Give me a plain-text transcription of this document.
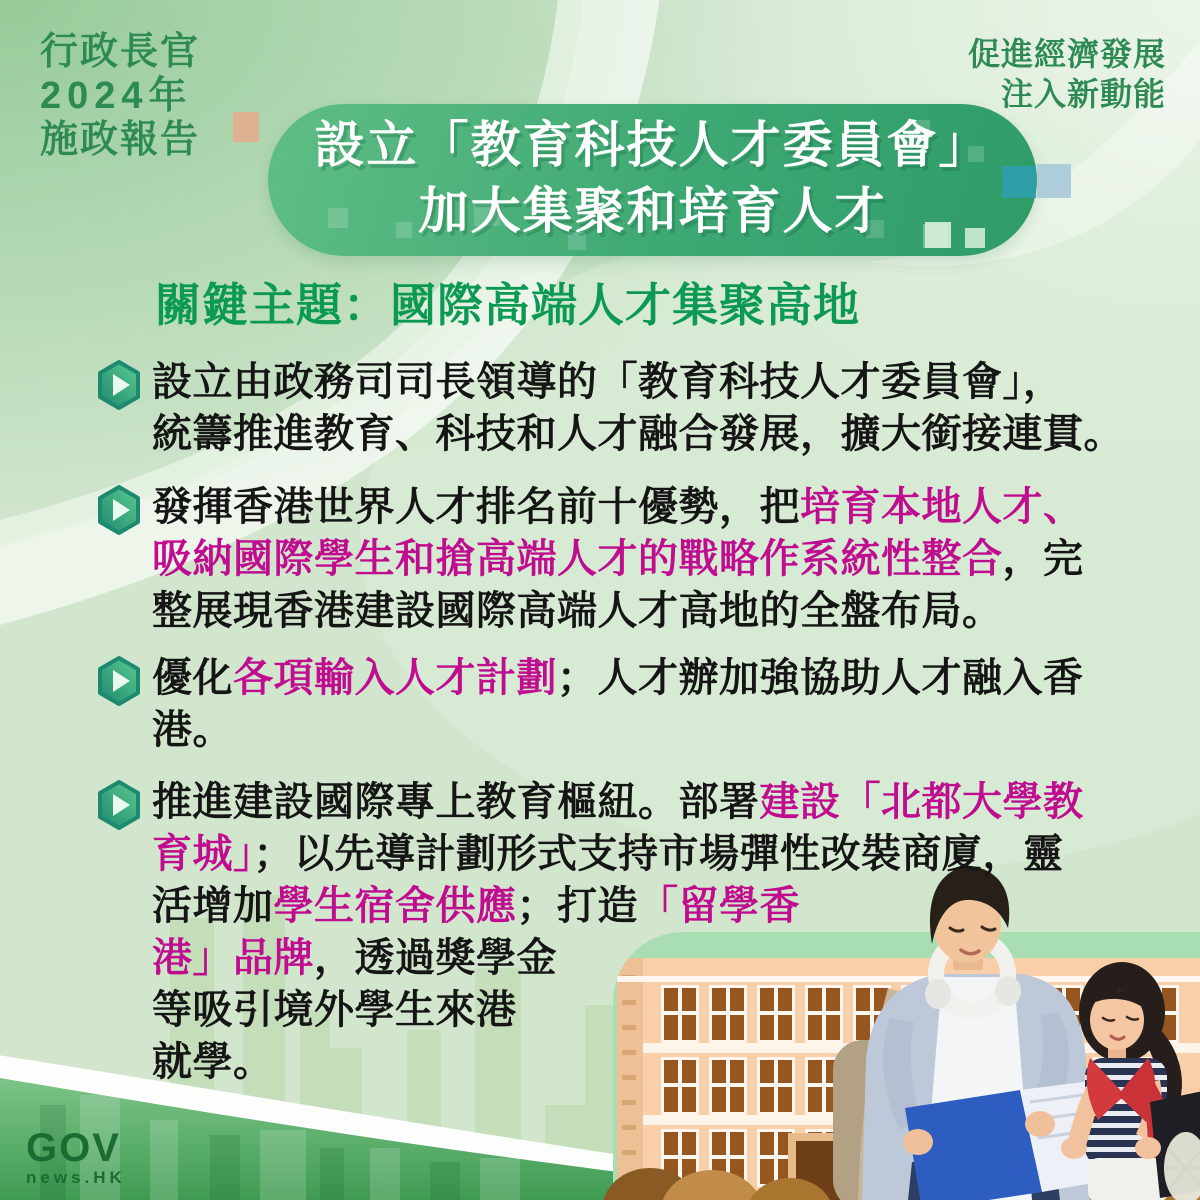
行政長官
2024年
施政報告
促進經濟發展
注入新動能
設立「教育科技人才委員會」
加大集聚和培育人才
關鍵主題：國際高端人才集聚高地
設立由政務司司長領導的「教育科技人才委員會」，
統籌推進教育、科技和人才融合發展，擴大銜接連貫。
發揮香港世界人才排名前十優勢，把培育本地人才、
吸納國際學生和搶高端人才的戰略作系統性整合，完
整展現香港建設國際高端人才高地的全盤布局。
優化各項輸入人才計劃；人才辦加強協助人才融入香
港。
推進建設國際專上教育樞紐。部署建設「北都大學教
育城」；以先導計劃形式支持市場彈性改裝商廈，靈
活增加學生宿舍供應；打造「留學香
港」品牌，透過獎學金
等吸引境外學生來港
就學。
GOV
news.HK
